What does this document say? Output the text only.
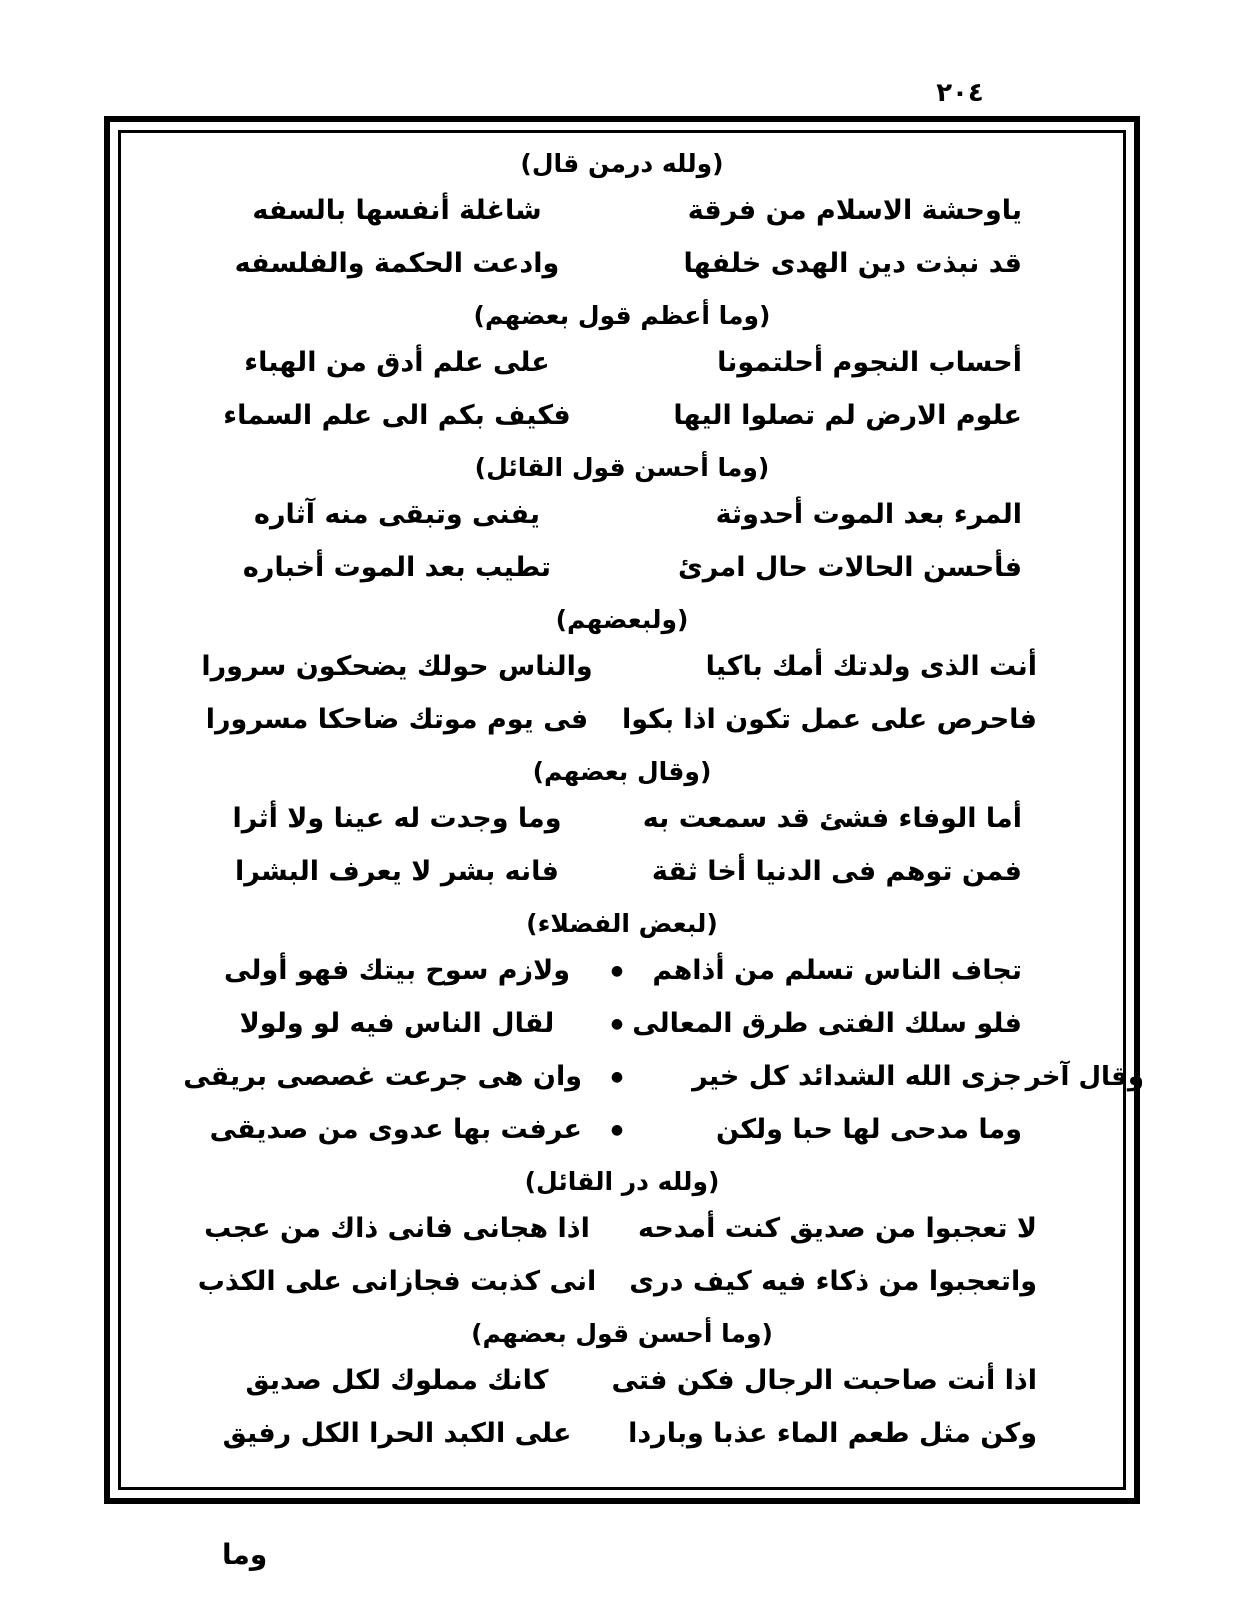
٢٠٤
(ولله درمن قال)
ياوحشة الاسلام من فرقة
شاغلة أنفسها بالسفه
قد نبذت دين الهدى خلفها
وادعت الحكمة والفلسفه
(وما أعظم قول بعضهم)
أحساب النجوم أحلتمونا
على علم أدق من الهباء
علوم الارض لم تصلوا اليها
فكيف بكم الى علم السماء
(وما أحسن قول القائل)
المرء بعد الموت أحدوثة
يفنى وتبقى منه آثاره
فأحسن الحالات حال امرئ
تطيب بعد الموت أخباره
(ولبعضهم)
أنت الذى ولدتك أمك باكيا
والناس حولك يضحكون سرورا
فاحرص على عمل تكون اذا بكوا
فى يوم موتك ضاحكا مسرورا
(وقال بعضهم)
أما الوفاء فشئ قد سمعت به
وما وجدت له عينا ولا أثرا
فمن توهم فى الدنيا أخا ثقة
فانه بشر لا يعرف البشرا
(لبعض الفضلاء)
تجاف الناس تسلم من أذاهم
●
ولازم سوح بيتك فهو أولى
فلو سلك الفتى طرق المعالى
●
لقال الناس فيه لو ولولا
وقال آخر
جزى الله الشدائد كل خير
●
وان هى جرعت غصصى بريقى
وما مدحى لها حبا ولكن
●
عرفت بها عدوى من صديقى
(ولله در القائل)
لا تعجبوا من صديق كنت أمدحه
اذا هجانى فانى ذاك من عجب
واتعجبوا من ذكاء فيه كيف درى
انى كذبت فجازانى على الكذب
(وما أحسن قول بعضهم)
اذا أنت صاحبت الرجال فكن فتى
كانك مملوك لكل صديق
وكن مثل طعم الماء عذبا وباردا
على الكبد الحرا الكل رفيق
وما
